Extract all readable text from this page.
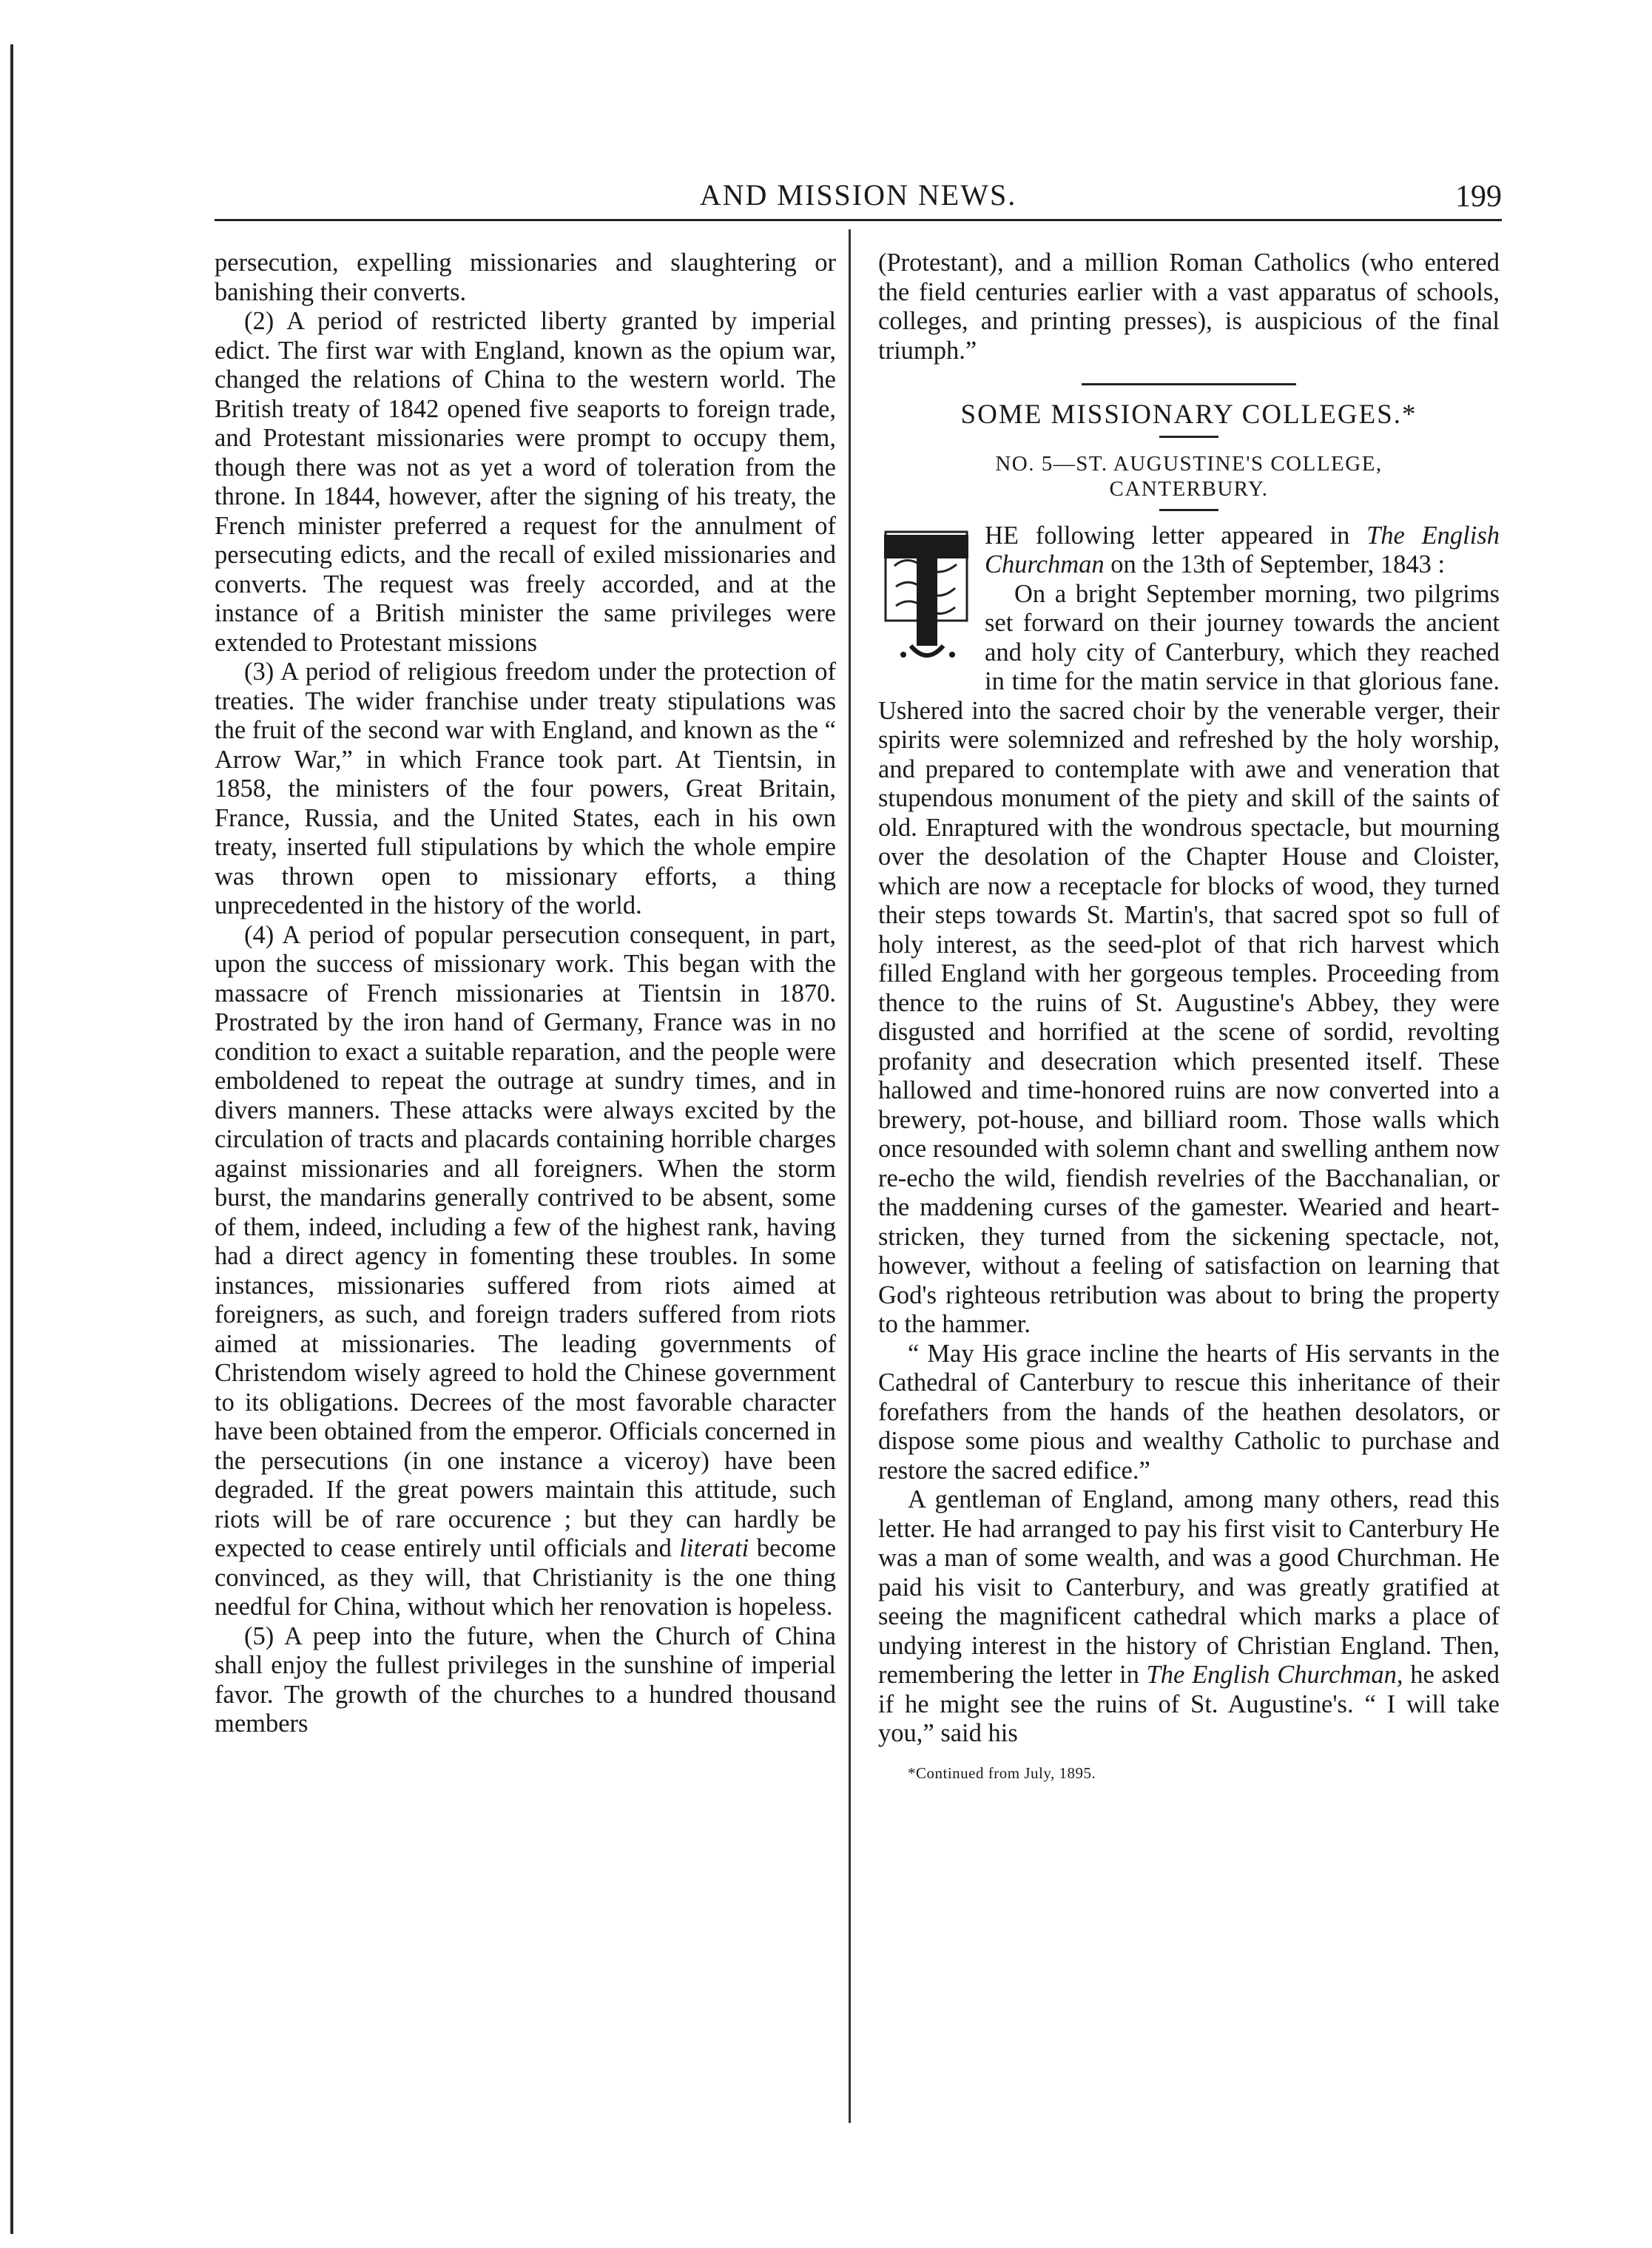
AND MISSION NEWS.	199

persecution, expelling missionaries and slaughtering or banishing their converts.

(2) A period of restricted liberty granted by imperial edict. The first war with England, known as the opium war, changed the relations of China to the western world. The British treaty of 1842 opened five seaports to foreign trade, and Protestant missionaries were prompt to occupy them, though there was not as yet a word of toleration from the throne. In 1844, however, after the signing of his treaty, the French minister preferred a request for the annulment of persecuting edicts, and the recall of exiled missionaries and converts. The request was freely accorded, and at the instance of a British minister the same privileges were extended to Protestant missions

(3) A period of religious freedom under the protection of treaties. The wider franchise under treaty stipulations was the fruit of the second war with England, and known as the “ Arrow War,” in which France took part. At Tientsin, in 1858, the ministers of the four powers, Great Britain, France, Russia, and the United States, each in his own treaty, inserted full stipulations by which the whole empire was thrown open to missionary efforts, a thing unprecedented in the history of the world.

(4) A period of popular persecution consequent, in part, upon the success of missionary work. This began with the massacre of French missionaries at Tientsin in 1870. Prostrated by the iron hand of Germany, France was in no condition to exact a suitable reparation, and the people were emboldened to repeat the outrage at sundry times, and in divers manners. These attacks were always excited by the circulation of tracts and placards containing horrible charges against missionaries and all foreigners. When the storm burst, the mandarins generally contrived to be absent, some of them, indeed, including a few of the highest rank, having had a direct agency in fomenting these troubles. In some instances, missionaries suffered from riots aimed at foreigners, as such, and foreign traders suffered from riots aimed at missionaries. The leading governments of Christendom wisely agreed to hold the Chinese government to its obligations. Decrees of the most favorable character have been obtained from the emperor. Officials concerned in the persecutions (in one instance a viceroy) have been degraded. If the great powers maintain this attitude, such riots will be of rare occurence ; but they can hardly be expected to cease entirely until officials and literati become convinced, as they will, that Christianity is the one thing needful for China, without which her renovation is hopeless.

(5) A peep into the future, when the Church of China shall enjoy the fullest privileges in the sunshine of imperial favor. The growth of the churches to a hundred thousand members

(Protestant), and a million Roman Catholics (who entered the field centuries earlier with a vast apparatus of schools, colleges, and printing presses), is auspicious of the final triumph.”

SOME MISSIONARY COLLEGES.*
NO. 5—ST. AUGUSTINE'S COLLEGE,
CANTERBURY.

HE following letter appeared in The English Churchman on the 13th of September, 1843 :

On a bright September morning, two pilgrims set forward on their journey towards the ancient and holy city of Canterbury, which they reached in time for the matin service in that glorious fane. Ushered into the sacred choir by the venerable verger, their spirits were solemnized and refreshed by the holy worship, and prepared to contemplate with awe and veneration that stupendous monument of the piety and skill of the saints of old. Enraptured with the wondrous spectacle, but mourning over the desolation of the Chapter House and Cloister, which are now a receptacle for blocks of wood, they turned their steps towards St. Martin's, that sacred spot so full of holy interest, as the seed-plot of that rich harvest which filled England with her gorgeous temples. Proceeding from thence to the ruins of St. Augustine's Abbey, they were disgusted and horrified at the scene of sordid, revolting profanity and desecration which presented itself. These hallowed and time-honored ruins are now converted into a brewery, pot-house, and billiard room. Those walls which once resounded with solemn chant and swelling anthem now re-echo the wild, fiendish revelries of the Bacchanalian, or the maddening curses of the gamester. Wearied and heart-stricken, they turned from the sickening spectacle, not, however, without a feeling of satisfaction on learning that God's righteous retribution was about to bring the property to the hammer.

“ May His grace incline the hearts of His servants in the Cathedral of Canterbury to rescue this inheritance of their forefathers from the hands of the heathen desolators, or dispose some pious and wealthy Catholic to purchase and restore the sacred edifice.”

A gentleman of England, among many others, read this letter. He had arranged to pay his first visit to Canterbury He was a man of some wealth, and was a good Churchman. He paid his visit to Canterbury, and was greatly gratified at seeing the magnificent cathedral which marks a place of undying interest in the history of Christian England. Then, remembering the letter in The English Churchman, he asked if he might see the ruins of St. Augustine's. “ I will take you,” said his

*Continued from July, 1895.
